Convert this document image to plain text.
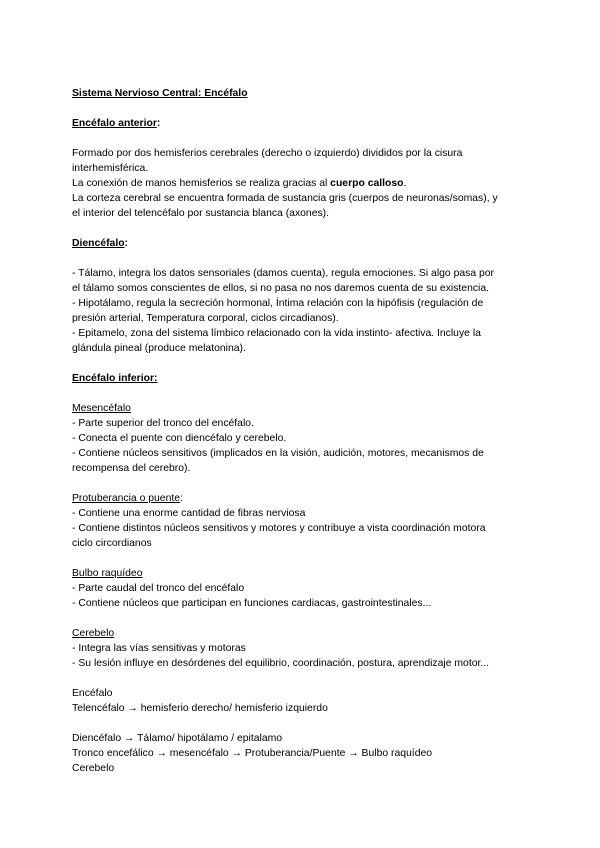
Sistema Nervioso Central: Encéfalo

Encéfalo anterior:

Formado por dos hemisferios cerebrales (derecho o izquierdo) divididos por la cisura

interhemisférica.

La conexión de manos hemisferios se realiza gracias al cuerpo calloso.

La corteza cerebral se encuentra formada de sustancia gris (cuerpos de neuronas/somas), y

el interior del telencéfalo por sustancia blanca (axones).

Diencéfalo:

- Tálamo, integra los datos sensoriales (damos cuenta), regula emociones. Si algo pasa por

el tálamo somos conscientes de ellos, si no pasa no nos daremos cuenta de su existencia.

- Hipotálamo, regula la secreción hormonal, Íntima relación con la hipófisis (regulación de

presión arterial, Temperatura corporal, ciclos circadianos).

- Epitamelo, zona del sistema límbico relacionado con la vida instinto- afectiva. Incluye la

glándula pineal (produce melatonina).

Encéfalo inferior:

Mesencéfalo

- Parte superior del tronco del encéfalo.

- Conecta el puente con diencéfalo y cerebelo.

- Contiene núcleos sensitivos (implicados en la visión, audición, motores, mecanismos de

recompensa del cerebro).

Protuberancia o puente:

- Contiene una enorme cantidad de fibras nerviosa

- Contiene distintos núcleos sensitivos y motores y contribuye a vista coordinación motora

ciclo circordianos

Bulbo raquídeo

- Parte caudal del tronco del encéfalo

- Contiene núcleos que participan en funciones cardiacas, gastrointestinales...

Cerebelo

- Integra las vías sensitivas y motoras

- Su lesión influye en desórdenes del equilibrio, coordinación, postura, aprendizaje motor...

Encéfalo

Telencéfalo → hemisferio derecho/ hemisferio izquierdo

Diencéfalo → Tálamo/ hipotálamo / epitalamo

Tronco encefálico → mesencéfalo → Protuberancia/Puente → Bulbo raquídeo

Cerebelo
